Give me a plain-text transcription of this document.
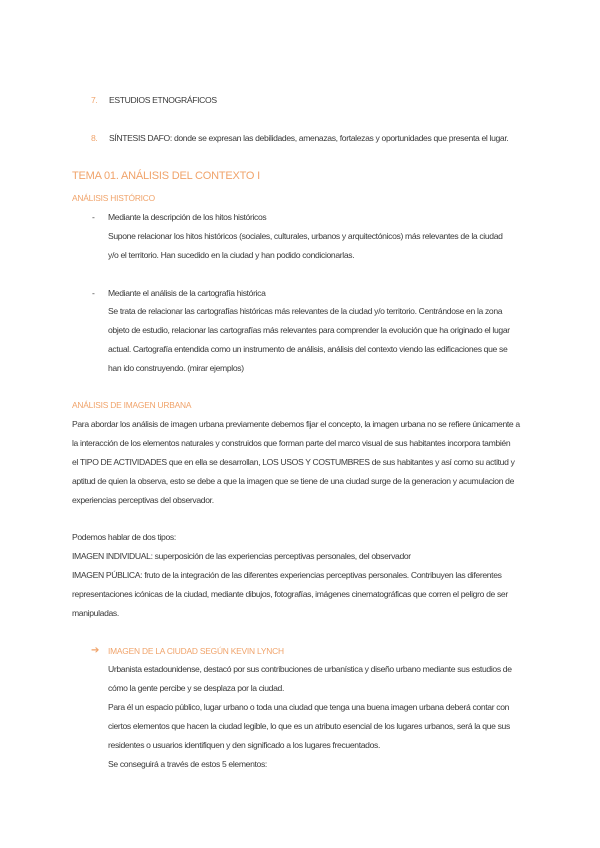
7. ESTUDIOS ETNOGRÁFICOS
8. SÍNTESIS DAFO: donde se expresan las debilidades, amenazas, fortalezas y oportunidades que presenta el lugar.
TEMA 01. ANÁLISIS DEL CONTEXTO I
ANÁLISIS HISTÓRICO
- Mediante la descripción de los hitos históricos
Supone relacionar los hitos históricos (sociales, culturales, urbanos y arquitectónicos) más relevantes de la ciudad
y/o el territorio. Han sucedido en la ciudad y han podido condicionarlas.
- Mediante el análisis de la cartografía histórica
Se trata de relacionar las cartografías históricas más relevantes de la ciudad y/o territorio. Centrándose en la zona
objeto de estudio, relacionar las cartografías más relevantes para comprender la evolución que ha originado el lugar
actual. Cartografía entendida como un instrumento de análisis, análisis del contexto viendo las edificaciones que se
han ido construyendo. (mirar ejemplos)
ANÁLISIS DE IMAGEN URBANA
Para abordar los análisis de imagen urbana previamente debemos fijar el concepto, la imagen urbana no se refiere únicamente a
la interacción de los elementos naturales y construidos que forman parte del marco visual de sus habitantes incorpora también
el TIPO DE ACTIVIDADES que en ella se desarrollan, LOS USOS Y COSTUMBRES de sus habitantes y así como su actitud y
aptitud de quien la observa, esto se debe a que la imagen que se tiene de una ciudad surge de la generacion y acumulacion de
experiencias perceptivas del observador.
Podemos hablar de dos tipos:
IMAGEN INDIVIDUAL: superposición de las experiencias perceptivas personales, del observador
IMAGEN PÚBLICA: fruto de la integración de las diferentes experiencias perceptivas personales. Contribuyen las diferentes
representaciones icónicas de la ciudad, mediante dibujos, fotografías, imágenes cinematográficas que corren el peligro de ser
manipuladas.
➔ IMAGEN DE LA CIUDAD SEGÚN KEVIN LYNCH
Urbanista estadounidense, destacó por sus contribuciones de urbanística y diseño urbano mediante sus estudios de
cómo la gente percibe y se desplaza por la ciudad.
Para él un espacio público, lugar urbano o toda una ciudad que tenga una buena imagen urbana deberá contar con
ciertos elementos que hacen la ciudad legible, lo que es un atributo esencial de los lugares urbanos, será la que sus
residentes o usuarios identifiquen y den significado a los lugares frecuentados.
Se conseguirá a través de estos 5 elementos:
